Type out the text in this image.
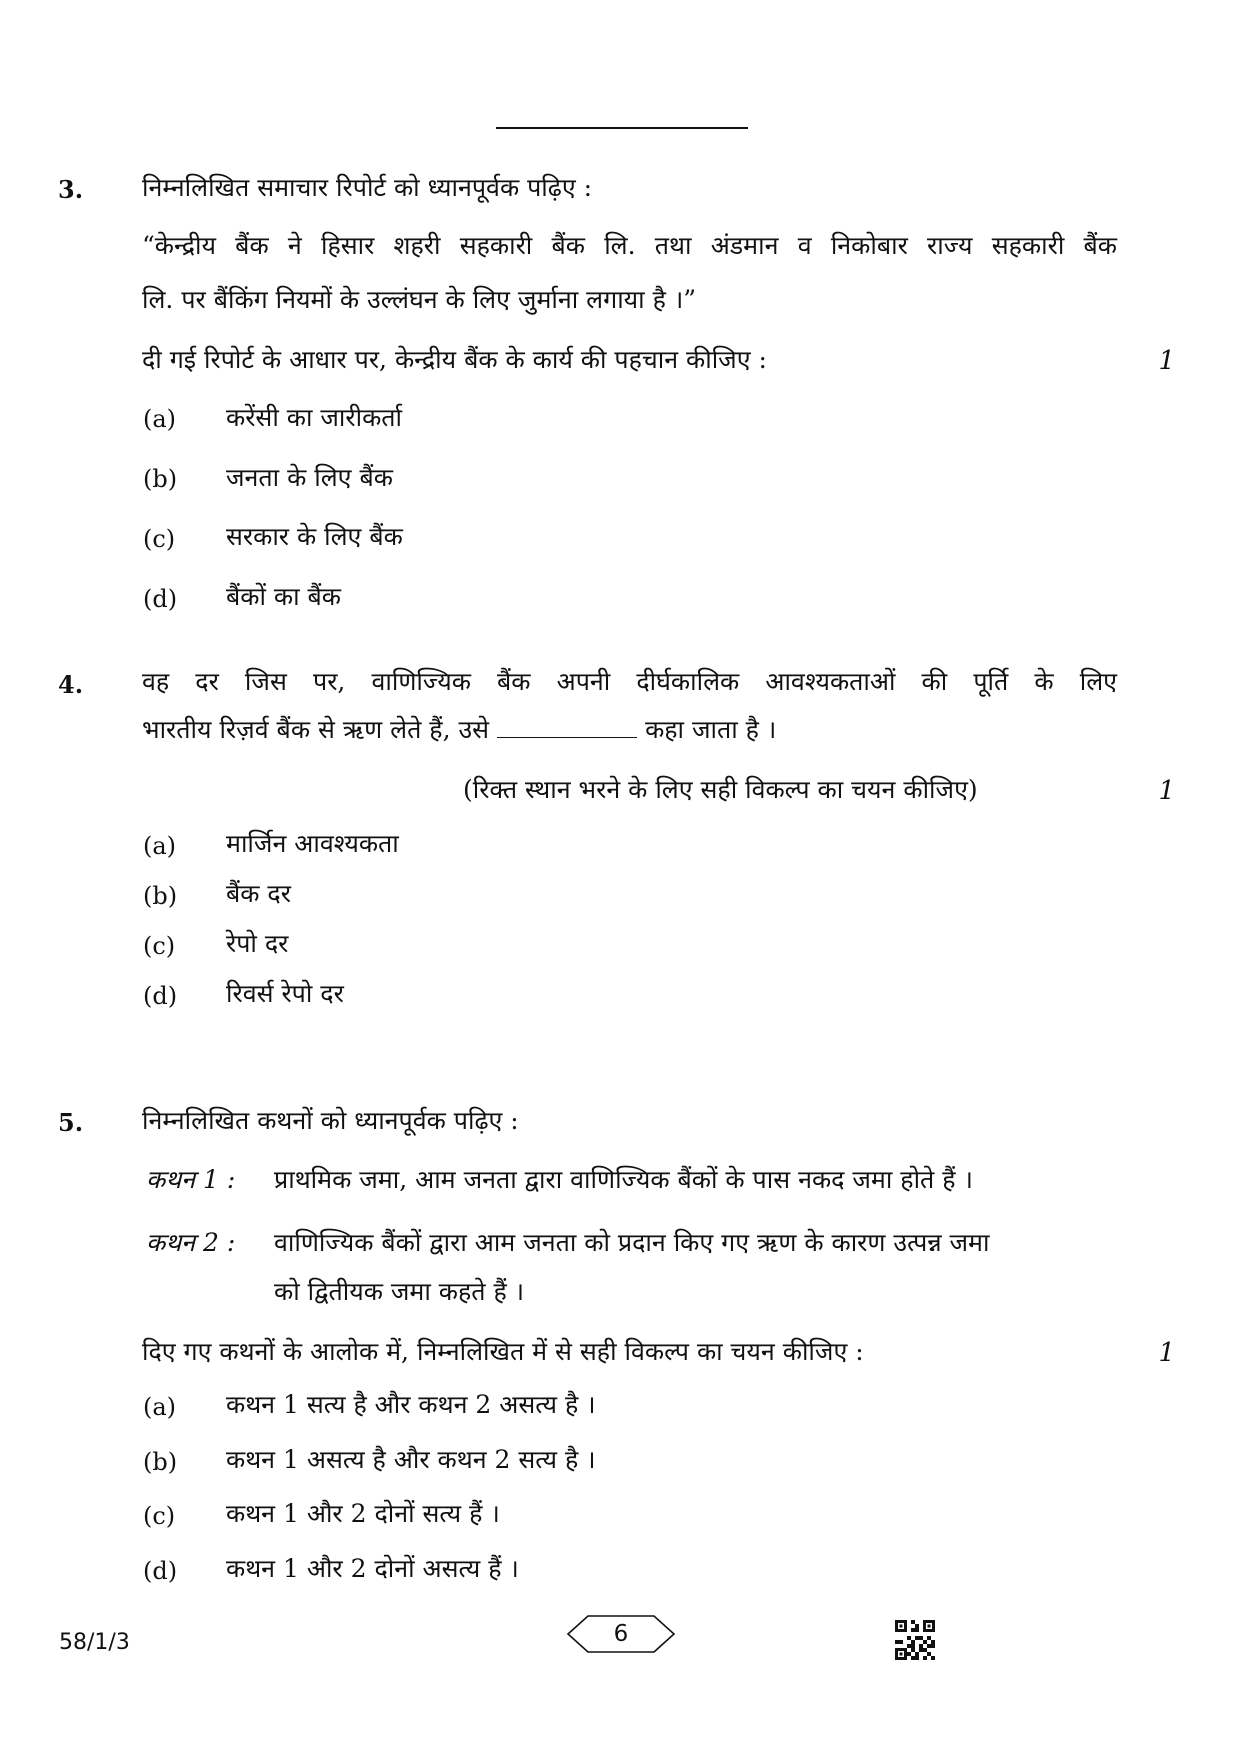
3. निम्नलिखित समाचार रिपोर्ट को ध्यानपूर्वक पढ़िए :
“केन्द्रीय बैंक ने हिसार शहरी सहकारी बैंक लि. तथा अंडमान व निकोबार राज्य सहकारी बैंक
लि. पर बैंकिंग नियमों के उल्लंघन के लिए जुर्माना लगाया है ।”
दी गई रिपोर्ट के आधार पर, केन्द्रीय बैंक के कार्य की पहचान कीजिए :	1
(a) करेंसी का जारीकर्ता
(b) जनता के लिए बैंक
(c) सरकार के लिए बैंक
(d) बैंकों का बैंक
4. वह दर जिस पर, वाणिज्यिक बैंक अपनी दीर्घकालिक आवश्यकताओं की पूर्ति के लिए
भारतीय रिज़र्व बैंक से ऋण लेते हैं, उसे	कहा जाता है ।
(रिक्त स्थान भरने के लिए सही विकल्प का चयन कीजिए)	1
(a) मार्जिन आवश्यकता
(b) बैंक दर
(c) रेपो दर
(d) रिवर्स रेपो दर
5. निम्नलिखित कथनों को ध्यानपूर्वक पढ़िए :
कथन 1 : प्राथमिक जमा, आम जनता द्वारा वाणिज्यिक बैंकों के पास नकद जमा होते हैं ।
कथन 2 : वाणिज्यिक बैंकों द्वारा आम जनता को प्रदान किए गए ऋण के कारण उत्पन्न जमा
को द्वितीयक जमा कहते हैं ।
दिए गए कथनों के आलोक में, निम्नलिखित में से सही विकल्प का चयन कीजिए :	1
(a) कथन 1 सत्य है और कथन 2 असत्य है ।
(b) कथन 1 असत्य है और कथन 2 सत्य है ।
(c) कथन 1 और 2 दोनों सत्य हैं ।
(d) कथन 1 और 2 दोनों असत्य हैं ।
58/1/3	6
